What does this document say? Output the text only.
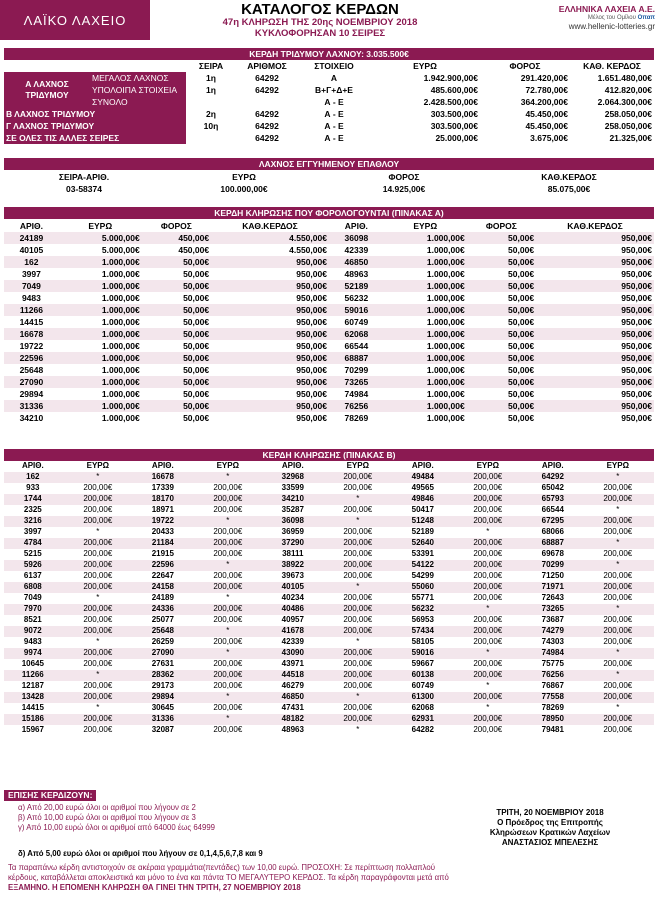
ΛΑΪΚΟ ΛΑΧΕΙΟ
ΚΑΤΑΛΟΓΟΣ ΚΕΡΔΩΝ
47η ΚΛΗΡΩΣΗ ΤΗΣ 20ης ΝΟΕΜΒΡΙΟΥ 2018
ΚΥΚΛΟΦΟΡΗΣΑΝ 10 ΣΕΙΡΕΣ
ΕΛΛΗΝΙΚΑ ΛΑΧΕΙΑ Α.Ε.
Μέλος του Ομίλου Οπαπ
www.hellenic-lotteries.gr
ΚΕΡΔΗ ΤΡΙΔΥΜΟΥ ΛΑΧΝΟΥ: 3.035.500€
		ΣΕΙΡΑ	ΑΡΙΘΜΟΣ	ΣΤΟΙΧΕΙΟ	ΕΥΡΩ	ΦΟΡΟΣ	ΚΑΘ. ΚΕΡΔΟΣ
Α ΛΑΧΝΟΣ ΤΡΙΔΥΜΟΥ	ΜΕΓΑΛΟΣ ΛΑΧΝΟΣ	1η	64292	Α	1.942.900,00€	291.420,00€	1.651.480,00€
	ΥΠΟΛΟΙΠΑ ΣΤΟΙΧΕΙΑ	1η	64292	Β+Γ+Δ+Ε	485.600,00€	72.780,00€	412.820,00€
	ΣΥΝΟΛΟ			Α - Ε	2.428.500,00€	364.200,00€	2.064.300,00€
Β ΛΑΧΝΟΣ ΤΡΙΔΥΜΟΥ		2η	64292	Α - Ε	303.500,00€	45.450,00€	258.050,00€
Γ ΛΑΧΝΟΣ ΤΡΙΔΥΜΟΥ		10η	64292	Α - Ε	303.500,00€	45.450,00€	258.050,00€
ΣΕ ΟΛΕΣ ΤΙΣ ΑΛΛΕΣ ΣΕΙΡΕΣ			64292	Α - Ε	25.000,00€	3.675,00€	21.325,00€
ΛΑΧΝΟΣ ΕΓΓΥΗΜΕΝΟΥ ΕΠΑΘΛΟΥ
ΣΕΙΡΑ-ΑΡΙΘ.	ΕΥΡΩ	ΦΟΡΟΣ	ΚΑΘ.ΚΕΡΔΟΣ
03-58374	100.000,00€	14.925,00€	85.075,00€
ΚΕΡΔΗ ΚΛΗΡΩΣΗΣ ΠΟΥ ΦΟΡΟΛΟΓΟΥΝΤΑΙ (ΠΙΝΑΚΑΣ Α)
ΑΡΙΘ.	ΕΥΡΩ	ΦΟΡΟΣ	ΚΑΘ.ΚΕΡΔΟΣ	ΑΡΙΘ.	ΕΥΡΩ	ΦΟΡΟΣ	ΚΑΘ.ΚΕΡΔΟΣ
24189	5.000,00€	450,00€	4.550,00€	36098	1.000,00€	50,00€	950,00€
40105	5.000,00€	450,00€	4.550,00€	42339	1.000,00€	50,00€	950,00€
162	1.000,00€	50,00€	950,00€	46850	1.000,00€	50,00€	950,00€
3997	1.000,00€	50,00€	950,00€	48963	1.000,00€	50,00€	950,00€
7049	1.000,00€	50,00€	950,00€	52189	1.000,00€	50,00€	950,00€
9483	1.000,00€	50,00€	950,00€	56232	1.000,00€	50,00€	950,00€
11266	1.000,00€	50,00€	950,00€	59016	1.000,00€	50,00€	950,00€
14415	1.000,00€	50,00€	950,00€	60749	1.000,00€	50,00€	950,00€
16678	1.000,00€	50,00€	950,00€	62068	1.000,00€	50,00€	950,00€
19722	1.000,00€	50,00€	950,00€	66544	1.000,00€	50,00€	950,00€
22596	1.000,00€	50,00€	950,00€	68887	1.000,00€	50,00€	950,00€
25648	1.000,00€	50,00€	950,00€	70299	1.000,00€	50,00€	950,00€
27090	1.000,00€	50,00€	950,00€	73265	1.000,00€	50,00€	950,00€
29894	1.000,00€	50,00€	950,00€	74984	1.000,00€	50,00€	950,00€
31336	1.000,00€	50,00€	950,00€	76256	1.000,00€	50,00€	950,00€
34210	1.000,00€	50,00€	950,00€	78269	1.000,00€	50,00€	950,00€
ΚΕΡΔΗ ΚΛΗΡΩΣΗΣ (ΠΙΝΑΚΑΣ Β)
ΑΡΙΘ.	ΕΥΡΩ	ΑΡΙΘ.	ΕΥΡΩ	ΑΡΙΘ.	ΕΥΡΩ	ΑΡΙΘ.	ΕΥΡΩ	ΑΡΙΘ.	ΕΥΡΩ
162	*	16678	*	32968	200,00€	49484	200,00€	64292	*
933	200,00€	17339	200,00€	33599	200,00€	49565	200,00€	65042	200,00€
1744	200,00€	18170	200,00€	34210	*	49846	200,00€	65793	200,00€
2325	200,00€	18971	200,00€	35287	200,00€	50417	200,00€	66544	*
3216	200,00€	19722	*	36098	*	51248	200,00€	67295	200,00€
3997	*	20433	200,00€	36959	200,00€	52189	*	68066	200,00€
4784	200,00€	21184	200,00€	37290	200,00€	52640	200,00€	68887	*
5215	200,00€	21915	200,00€	38111	200,00€	53391	200,00€	69678	200,00€
5926	200,00€	22596	*	38922	200,00€	54122	200,00€	70299	*
6137	200,00€	22647	200,00€	39673	200,00€	54299	200,00€	71250	200,00€
6808	200,00€	24158	200,00€	40105	*	55060	200,00€	71971	200,00€
7049	*	24189	*	40234	200,00€	55771	200,00€	72643	200,00€
7970	200,00€	24336	200,00€	40486	200,00€	56232	*	73265	*
8521	200,00€	25077	200,00€	40957	200,00€	56953	200,00€	73687	200,00€
9072	200,00€	25648	*	41678	200,00€	57434	200,00€	74279	200,00€
9483	*	26259	200,00€	42339	*	58105	200,00€	74303	200,00€
9974	200,00€	27090	*	43090	200,00€	59016	*	74984	*
10645	200,00€	27631	200,00€	43971	200,00€	59667	200,00€	75775	200,00€
11266	*	28362	200,00€	44518	200,00€	60138	200,00€	76256	*
12187	200,00€	29173	200,00€	46279	200,00€	60749	*	76867	200,00€
13428	200,00€	29894	*	46850	*	61300	200,00€	77558	200,00€
14415	*	30645	200,00€	47431	200,00€	62068	*	78269	*
15186	200,00€	31336	*	48182	200,00€	62931	200,00€	78950	200,00€
15967	200,00€	32087	200,00€	48963	*	64282	200,00€	79481	200,00€
ΕΠΙΣΗΣ ΚΕΡΔΙΖΟΥΝ:
α) Από 20,00 ευρώ όλοι οι αριθμοί που λήγουν σε 2
β) Από 10,00 ευρώ όλοι οι αριθμοί που λήγουν σε 3
γ) Από 10,00 ευρώ όλοι οι αριθμοί από 64000 έως 64999
ΤΡΙΤΗ, 20 ΝΟΕΜΒΡΙΟΥ 2018
Ο Πρόεδρος της Επιτροπής
Κληρώσεων Κρατικών Λαχείων
ΑΝΑΣΤΑΣΙΟΣ ΜΠΕΛΕΣΗΣ
δ) Από 5,00 ευρώ όλοι οι αριθμοί που λήγουν σε 0,1,4,5,6,7,8 και 9
Τα παραπάνω κέρδη αντιστοιχούν σε ακέραια γραμμάτια(πεντάδες) των 10,00 ευρώ. ΠΡΟΣΟΧΗ: Σε περίπτωση πολλαπλού
κέρδους, καταβάλλεται αποκλειστικά και μόνο το ένα και πάντα ΤΟ ΜΕΓΑΛΥΤΕΡΟ ΚΕΡΔΟΣ. Τα κέρδη παραγράφονται μετά από
ΕΞΑΜΗΝΟ. Η ΕΠΟΜΕΝΗ ΚΛΗΡΩΣΗ ΘΑ ΓΙΝΕΙ ΤΗΝ ΤΡΙΤΗ, 27 ΝΟΕΜΒΡΙΟΥ 2018
